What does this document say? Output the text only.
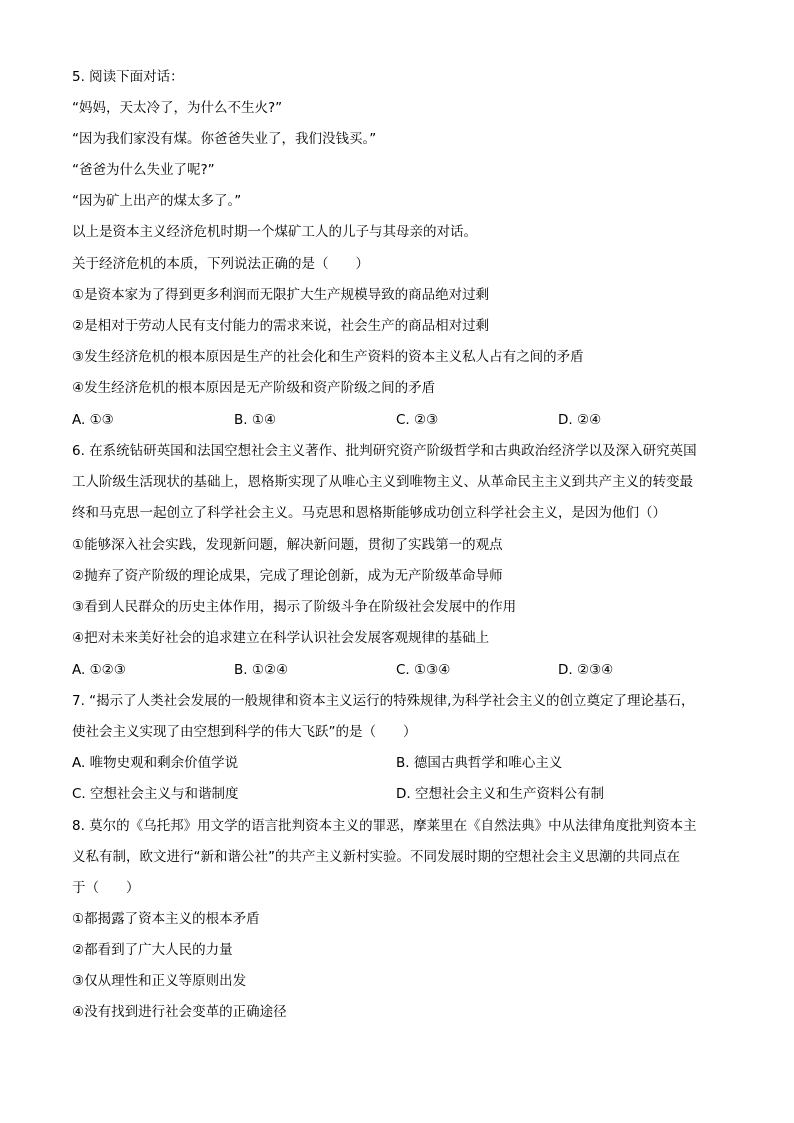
5. 阅读下面对话：
“妈妈，天太冷了，为什么不生火?”
“因为我们家没有煤。你爸爸失业了，我们没钱买。”
“爸爸为什么失业了呢?”
“因为矿上出产的煤太多了。”
以上是资本主义经济危机时期一个煤矿工人的儿子与其母亲的对话。
关于经济危机的本质，下列说法正确的是（　　）
①是资本家为了得到更多利润而无限扩大生产规模导致的商品绝对过剩
②是相对于劳动人民有支付能力的需求来说，社会生产的商品相对过剩
③发生经济危机的根本原因是生产的社会化和生产资料的资本主义私人占有之间的矛盾
④发生经济危机的根本原因是无产阶级和资产阶级之间的矛盾
A. ①③	B. ①④	C. ②③	D. ②④
6. 在系统钻研英国和法国空想社会主义著作、批判研究资产阶级哲学和古典政治经济学以及深入研究英国
工人阶级生活现状的基础上，恩格斯实现了从唯心主义到唯物主义、从革命民主主义到共产主义的转变最
终和马克思一起创立了科学社会主义。马克思和恩格斯能够成功创立科学社会主义，是因为他们（）
①能够深入社会实践，发现新问题，解决新问题，贯彻了实践第一的观点
②抛弃了资产阶级的理论成果，完成了理论创新，成为无产阶级革命导师
③看到人民群众的历史主体作用，揭示了阶级斗争在阶级社会发展中的作用
④把对未来美好社会的追求建立在科学认识社会发展客观规律的基础上
A. ①②③	B. ①②④	C. ①③④	D. ②③④
7. “揭示了人类社会发展的一般规律和资本主义运行的特殊规律,为科学社会主义的创立奠定了理论基石，
使社会主义实现了由空想到科学的伟大飞跃”的是（　　）
A. 唯物史观和剩余价值学说	B. 德国古典哲学和唯心主义
C. 空想社会主义与和谐制度	D. 空想社会主义和生产资料公有制
8. 莫尔的《乌托邦》用文学的语言批判资本主义的罪恶，摩莱里在《自然法典》中从法律角度批判资本主
义私有制，欧文进行“新和谐公社”的共产主义新村实验。不同发展时期的空想社会主义思潮的共同点在
于（　　）
①都揭露了资本主义的根本矛盾
②都看到了广大人民的力量
③仅从理性和正义等原则出发
④没有找到进行社会变革的正确途径
